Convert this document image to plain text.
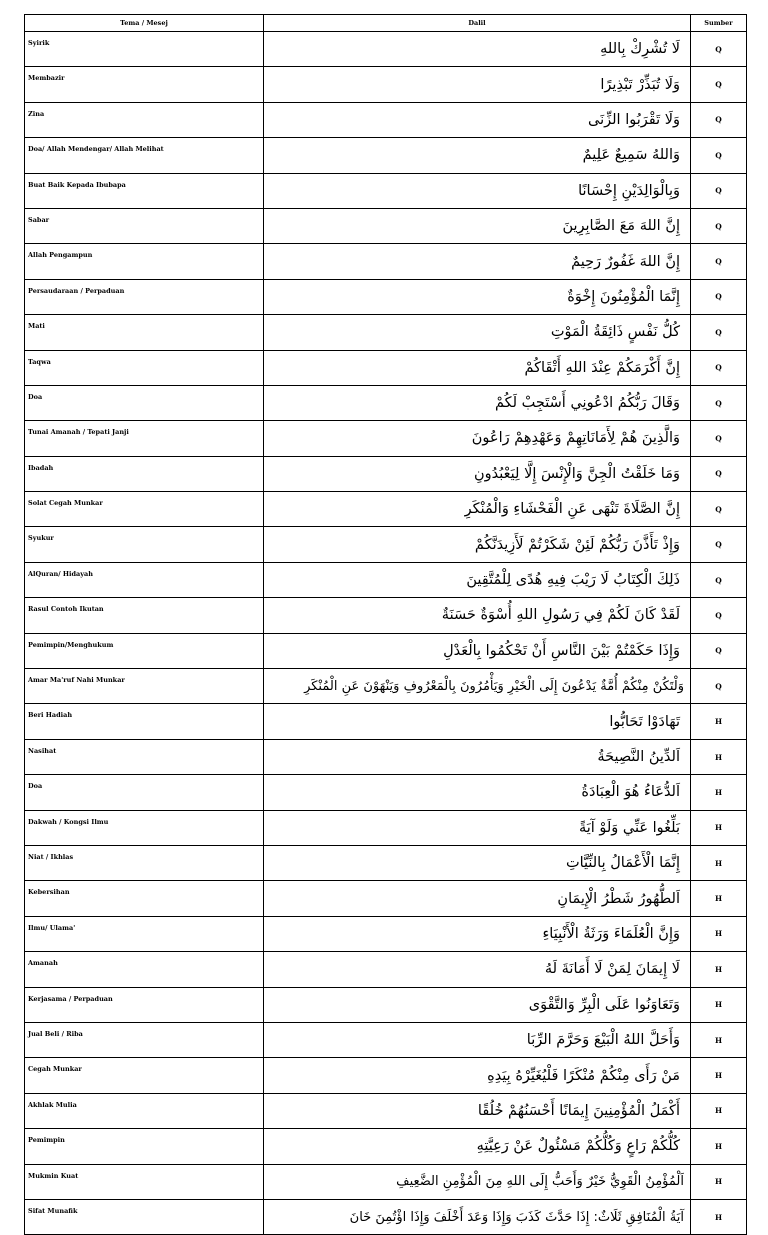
Tema / Mesej	Dalil	Sumber
Syirik	لَا تُشْرِكْ بِاللهِ	Q
Membazir	وَلَا تُبَذِّرْ تَبْذِيرًا	Q
Zina	وَلَا تَقْرَبُوا الزِّنَى	Q
Doa/ Allah Mendengar/ Allah Melihat	وَاللهُ سَمِيعٌ عَلِيمٌ	Q
Buat Baik Kepada Ibubapa	وَبِالْوَالِدَيْنِ إِحْسَانًا	Q
Sabar	إِنَّ اللهَ مَعَ الصَّابِرِينَ	Q
Allah Pengampun	إِنَّ اللهَ غَفُورٌ رَحِيمٌ	Q
Persaudaraan / Perpaduan	إِنَّمَا الْمُؤْمِنُونَ إِخْوَةٌ	Q
Mati	كُلُّ نَفْسٍ ذَائِقَةُ الْمَوْتِ	Q
Taqwa	إِنَّ أَكْرَمَكُمْ عِنْدَ اللهِ أَتْقَاكُمْ	Q
Doa	وَقَالَ رَبُّكُمُ ادْعُونِي أَسْتَجِبْ لَكُمْ	Q
Tunai Amanah / Tepati Janji	وَالَّذِينَ هُمْ لِأَمَانَاتِهِمْ وَعَهْدِهِمْ رَاعُونَ	Q
Ibadah	وَمَا خَلَقْتُ الْجِنَّ وَالْإِنْسَ إِلَّا لِيَعْبُدُونِ	Q
Solat Cegah Munkar	إِنَّ الصَّلَاةَ تَنْهَى عَنِ الْفَحْشَاءِ وَالْمُنْكَرِ	Q
Syukur	وَإِذْ تَأَذَّنَ رَبُّكُمْ لَئِنْ شَكَرْتُمْ لَأَزِيدَنَّكُمْ	Q
AlQuran/ Hidayah	ذَلِكَ الْكِتَابُ لَا رَيْبَ فِيهِ هُدًى لِلْمُتَّقِينَ	Q
Rasul Contoh Ikutan	لَقَدْ كَانَ لَكُمْ فِي رَسُولِ اللهِ أُسْوَةٌ حَسَنَةٌ	Q
Pemimpin/Menghukum	وَإِذَا حَكَمْتُمْ بَيْنَ النَّاسِ أَنْ تَحْكُمُوا بِالْعَدْلِ	Q
Amar Ma'ruf Nahi Munkar	وَلْتَكُنْ مِنْكُمْ أُمَّةٌ يَدْعُونَ إِلَى الْخَيْرِ وَيَأْمُرُونَ بِالْمَعْرُوفِ وَيَنْهَوْنَ عَنِ الْمُنْكَرِ	Q
Beri Hadiah	تَهَادَوْا تَحَابُّوا	H
Nasihat	اَلدِّينُ النَّصِيحَةُ	H
Doa	اَلدُّعَاءُ هُوَ الْعِبَادَةُ	H
Dakwah / Kongsi Ilmu	بَلِّغُوا عَنِّي وَلَوْ آيَةً	H
Niat / Ikhlas	إِنَّمَا الْأَعْمَالُ بِالنِّيَّاتِ	H
Kebersihan	اَلطُّهُورُ شَطْرُ الْإِيمَانِ	H
Ilmu/ Ulama'	وَإِنَّ الْعُلَمَاءَ وَرَثَةُ الْأَنْبِيَاءِ	H
Amanah	لَا إِيمَانَ لِمَنْ لَا أَمَانَةَ لَهُ	H
Kerjasama / Perpaduan	وَتَعَاوَنُوا عَلَى الْبِرِّ وَالتَّقْوَى	H
Jual Beli / Riba	وَأَحَلَّ اللهُ الْبَيْعَ وَحَرَّمَ الرِّبَا	H
Cegah Munkar	مَنْ رَأَى مِنْكُمْ مُنْكَرًا فَلْيُغَيِّرْهُ بِيَدِهِ	H
Akhlak Mulia	أَكْمَلُ الْمُؤْمِنِينَ إِيمَانًا أَحْسَنُهُمْ خُلُقًا	H
Pemimpin	كُلُّكُمْ رَاعٍ وَكُلُّكُمْ مَسْئُولٌ عَنْ رَعِيَّتِهِ	H
Mukmin Kuat	اَلْمُؤْمِنُ الْقَوِيُّ خَيْرٌ وَأَحَبُّ إِلَى اللهِ مِنَ الْمُؤْمِنِ الضَّعِيفِ	H
Sifat Munafik	آيَةُ الْمُنَافِقِ ثَلَاثٌ: إِذَا حَدَّثَ كَذَبَ وَإِذَا وَعَدَ أَخْلَفَ وَإِذَا اؤْتُمِنَ خَانَ	H
